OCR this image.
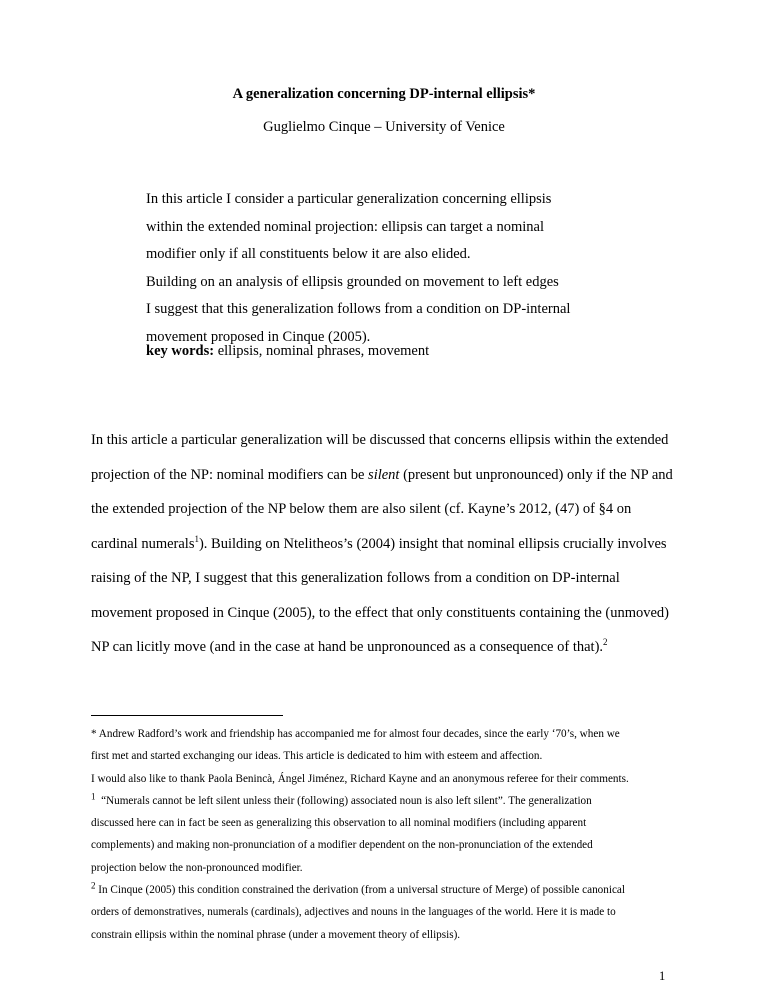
A generalization concerning DP-internal ellipsis*
Guglielmo Cinque – University of Venice
In this article I consider a particular generalization concerning ellipsis
within the extended nominal projection: ellipsis can target a nominal
modifier only if all constituents below it are also elided.
Building on an analysis of ellipsis grounded on movement to left edges
I suggest that this generalization follows from a condition on DP-internal
movement proposed in Cinque (2005).
key words: ellipsis, nominal phrases, movement
In this article a particular generalization will be discussed that concerns ellipsis within the extended
projection of the NP: nominal modifiers can be silent (present but unpronounced) only if the NP and
the extended projection of the NP below them are also silent (cf. Kayne’s 2012, (47) of §4 on
cardinal numerals$^1$). Building on Ntelitheos’s (2004) insight that nominal ellipsis crucially involves
raising of the NP, I suggest that this generalization follows from a condition on DP-internal
movement proposed in Cinque (2005), to the effect that only constituents containing the (unmoved)
NP can licitly move (and in the case at hand be unpronounced as a consequence of that).$^2$
* Andrew Radford’s work and friendship has accompanied me for almost four decades, since the early ‘70’s, when we
first met and started exchanging our ideas. This article is dedicated to him with esteem and affection.
I would also like to thank Paola Benincà, Ángel Jiménez, Richard Kayne and an anonymous referee for their comments.
$^1$  “Numerals cannot be left silent unless their (following) associated noun is also left silent”. The generalization
discussed here can in fact be seen as generalizing this observation to all nominal modifiers (including apparent
complements) and making non-pronunciation of a modifier dependent on the non-pronunciation of the extended
projection below the non-pronounced modifier.
$^2$ In Cinque (2005) this condition constrained the derivation (from a universal structure of Merge) of possible canonical
orders of demonstratives, numerals (cardinals), adjectives and nouns in the languages of the world. Here it is made to
constrain ellipsis within the nominal phrase (under a movement theory of ellipsis).
1
